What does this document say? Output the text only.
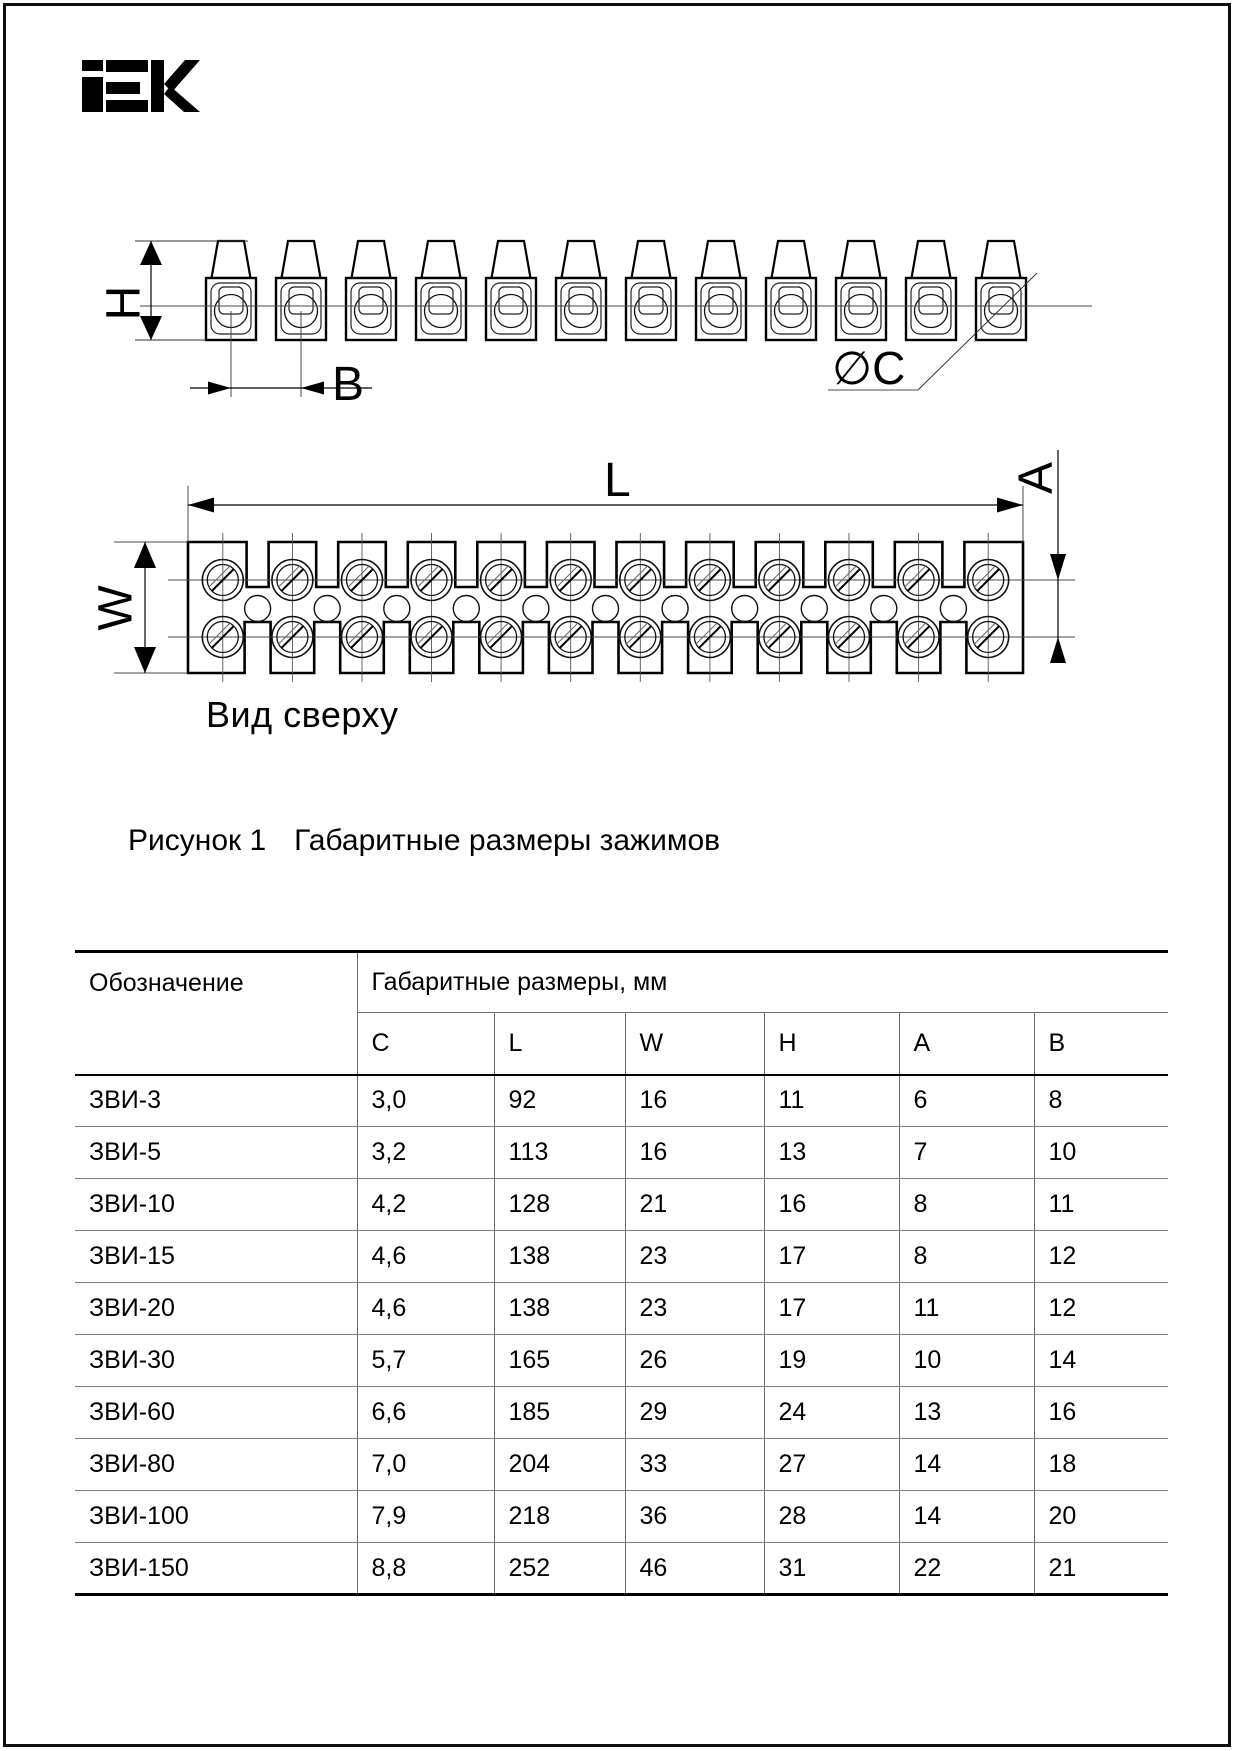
H
B	∅C
L
W
A
Вид сверху
Рисунок 1 Габаритные размеры зажимов
Обозначение	Габаритные размеры, мм					
	C	L	W	H	A	B
ЗВИ-3	3,0	92	16	11	6	8
ЗВИ-5	3,2	113	16	13	7	10
ЗВИ-10	4,2	128	21	16	8	11
ЗВИ-15	4,6	138	23	17	8	12
ЗВИ-20	4,6	138	23	17	11	12
ЗВИ-30	5,7	165	26	19	10	14
ЗВИ-60	6,6	185	29	24	13	16
ЗВИ-80	7,0	204	33	27	14	18
ЗВИ-100	7,9	218	36	28	14	20
ЗВИ-150	8,8	252	46	31	22	21
